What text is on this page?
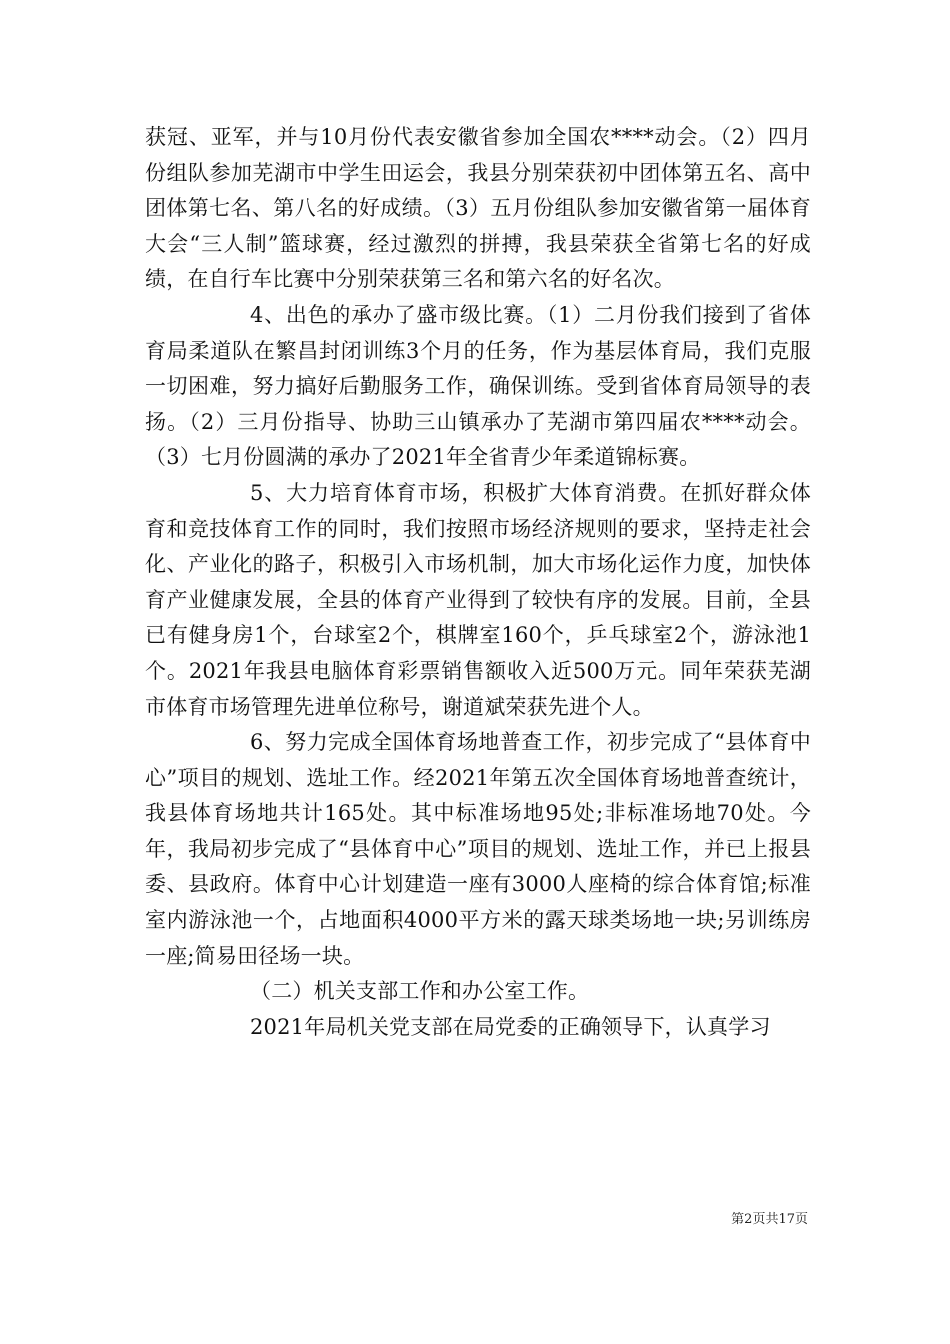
获冠、亚军，并与10月份代表安徽省参加全国农****动会。（2）四月份组队参加芜湖市中学生田运会，我县分别荣获初中团体第五名、高中团体第七名、第八名的好成绩。（3）五月份组队参加安徽省第一届体育大会“三人制”篮球赛，经过激烈的拼搏，我县荣获全省第七名的好成绩，在自行车比赛中分别荣获第三名和第六名的好名次。

4、出色的承办了盛市级比赛。（1）二月份我们接到了省体育局柔道队在繁昌封闭训练3个月的任务，作为基层体育局，我们克服一切困难，努力搞好后勤服务工作，确保训练。受到省体育局领导的表扬。（2）三月份指导、协助三山镇承办了芜湖市第四届农****动会。（3）七月份圆满的承办了2021年全省青少年柔道锦标赛。

5、大力培育体育市场，积极扩大体育消费。在抓好群众体育和竞技体育工作的同时，我们按照市场经济规则的要求，坚持走社会化、产业化的路子，积极引入市场机制，加大市场化运作力度，加快体育产业健康发展，全县的体育产业得到了较快有序的发展。目前，全县已有健身房1个，台球室2个，棋牌室160个，乒乓球室2个，游泳池1个。2021年我县电脑体育彩票销售额收入近500万元。同年荣获芜湖市体育市场管理先进单位称号，谢道斌荣获先进个人。

6、努力完成全国体育场地普查工作，初步完成了“县体育中心”项目的规划、选址工作。经2021年第五次全国体育场地普查统计，我县体育场地共计165处。其中标准场地95处;非标准场地70处。今年，我局初步完成了“县体育中心”项目的规划、选址工作，并已上报县委、县政府。体育中心计划建造一座有3000人座椅的综合体育馆;标准室内游泳池一个，占地面积4000平方米的露天球类场地一块;另训练房一座;简易田径场一块。

（二）机关支部工作和办公室工作。

2021年局机关党支部在局党委的正确领导下，认真学习

第2页共17页
